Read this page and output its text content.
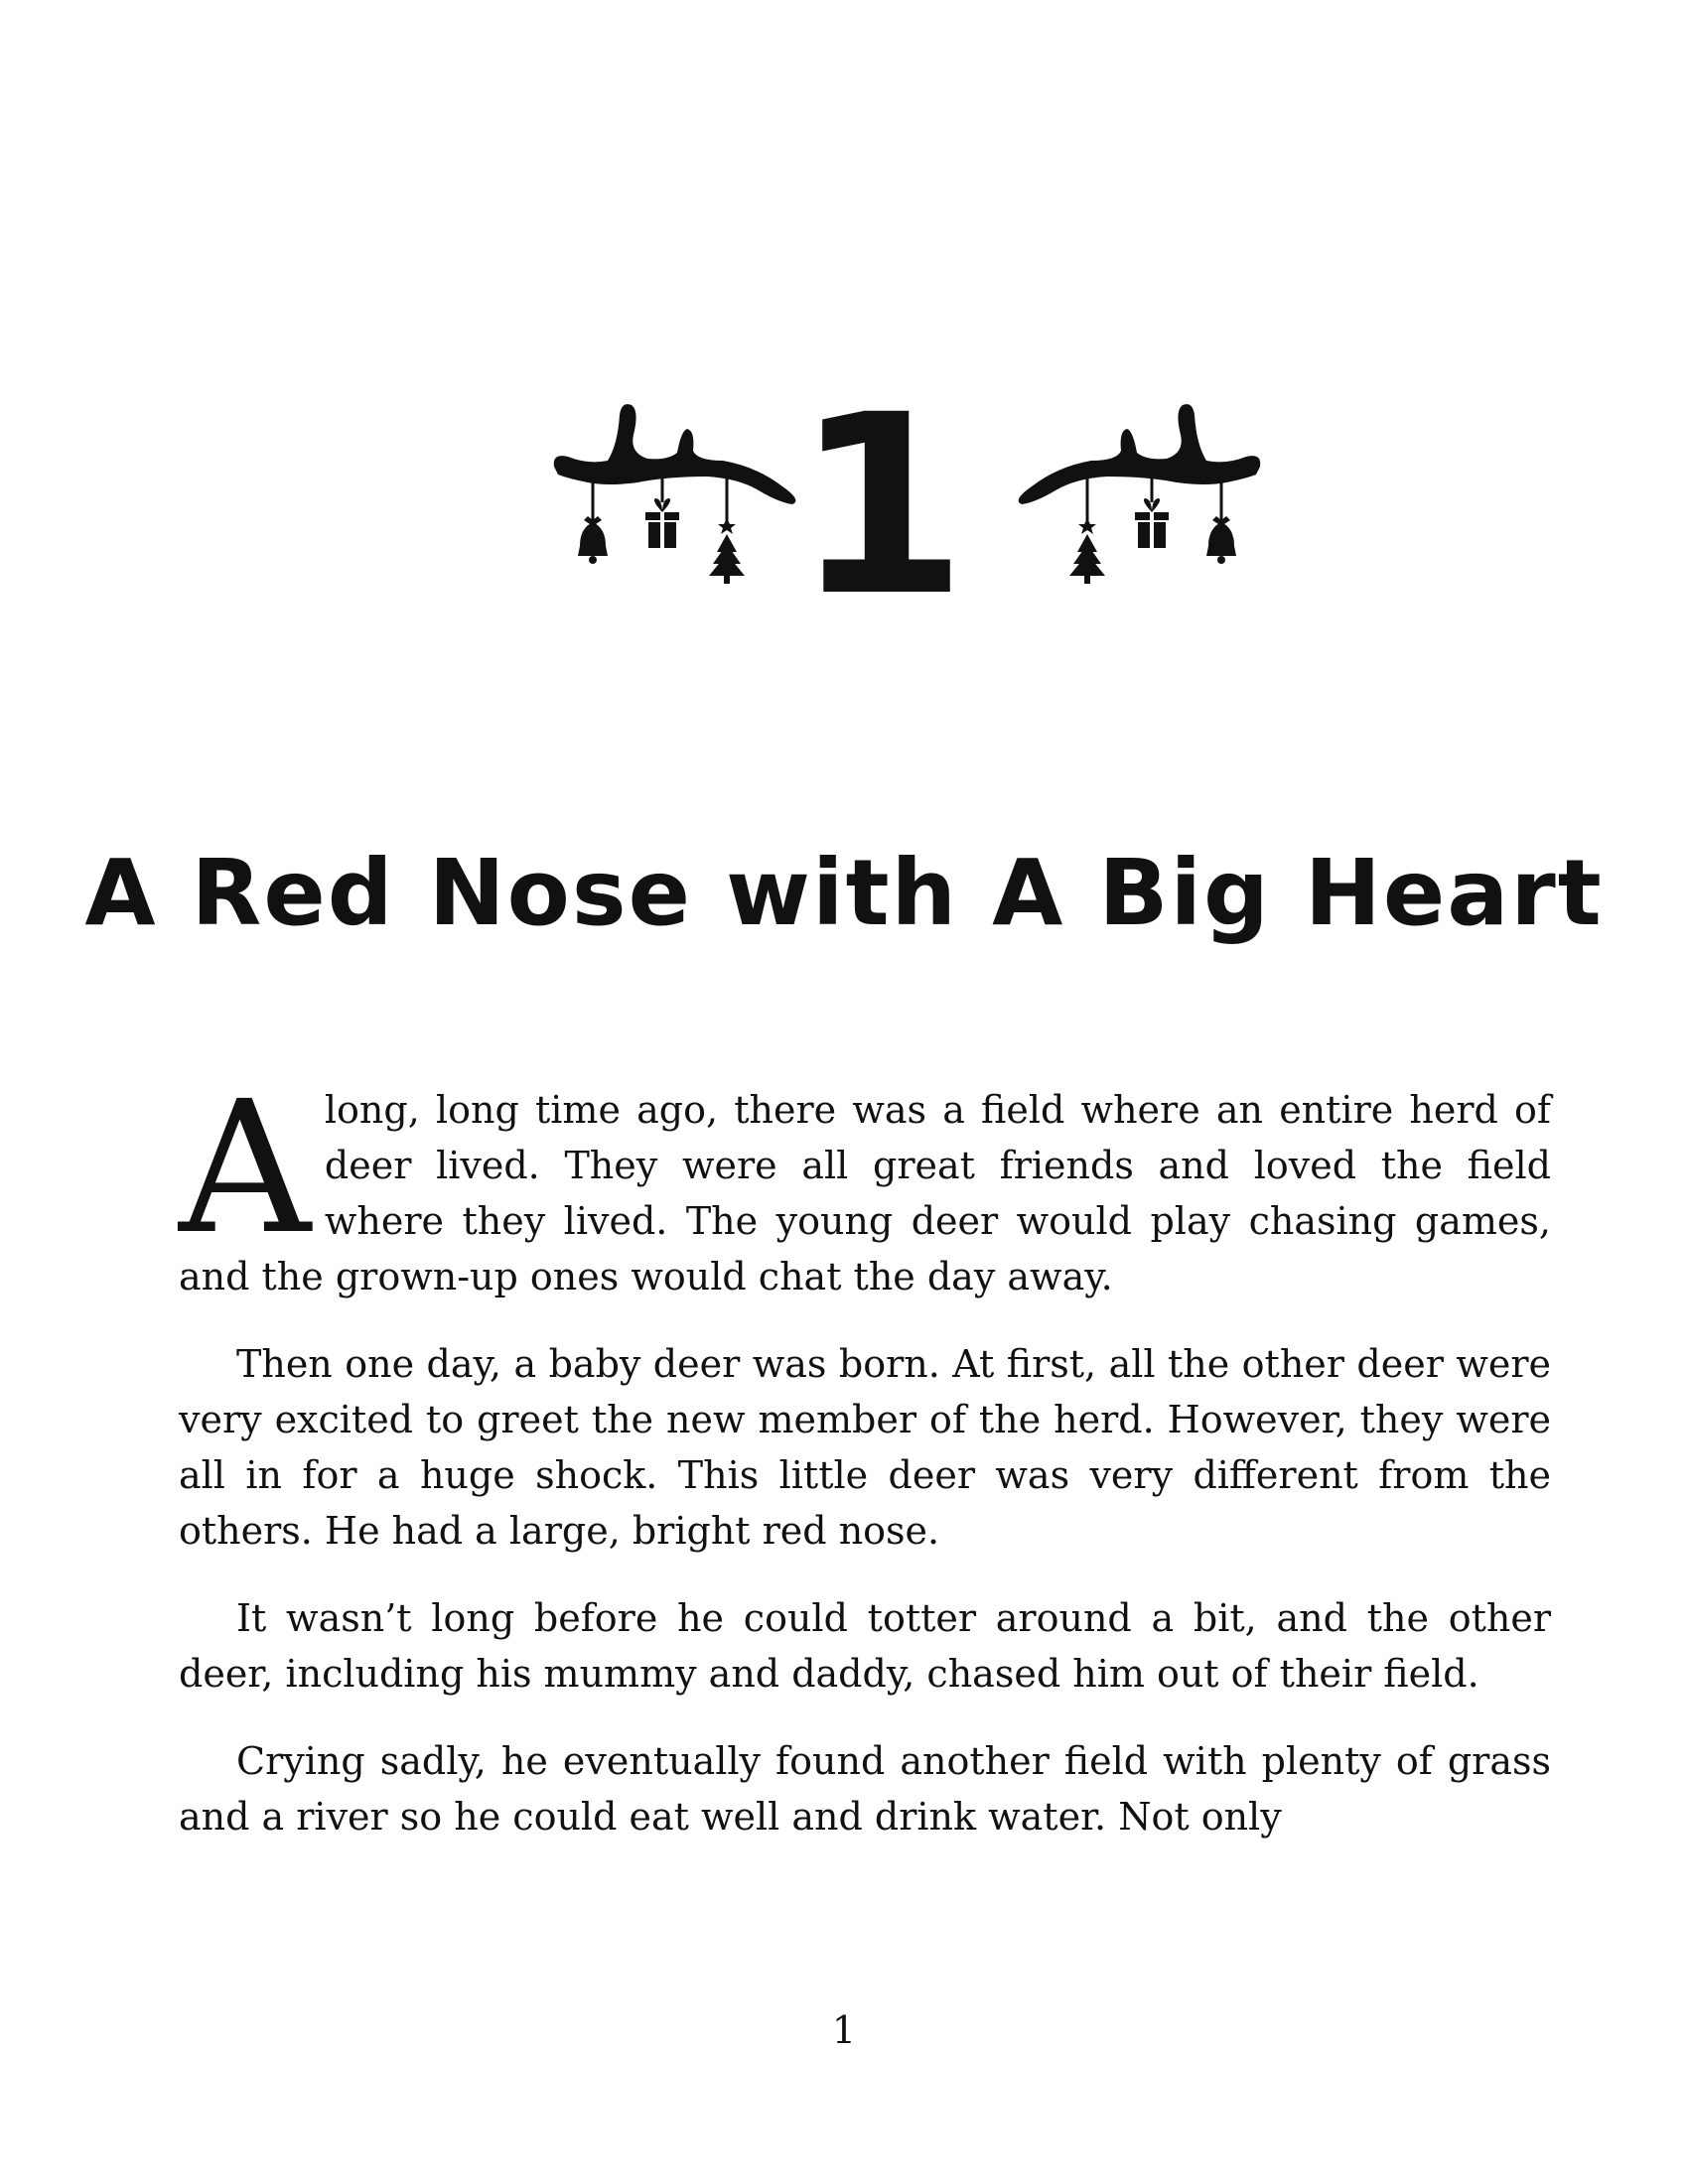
1
A Red Nose with A Big Heart

Along, long time ago, there was a field where an entire herd of deer lived. They were all great friends and loved the field where they lived. The young deer would play chasing games, and the grown-up ones would chat the day away.

Then one day, a baby deer was born. At first, all the other deer were very excited to greet the new member of the herd. However, they were all in for a huge shock. This little deer was very different from the others. He had a large, bright red nose.

It wasn’t long before he could totter around a bit, and the other deer, including his mummy and daddy, chased him out of their field.

Crying sadly, he eventually found another field with plenty of grass and a river so he could eat well and drink water. Not only

1
